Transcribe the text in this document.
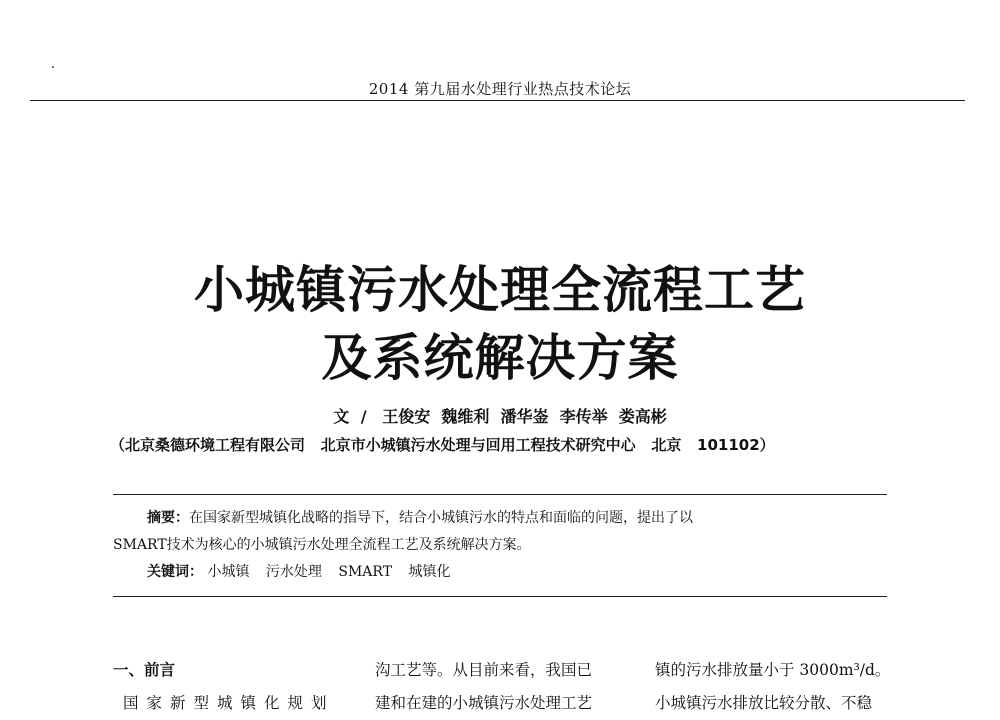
2014 第九届水处理行业热点技术论坛
小城镇污水处理全流程工艺
及系统解决方案
文 / 王俊安  魏维利  潘华崟  李传举  娄高彬
（北京桑德环境工程有限公司   北京市小城镇污水处理与回用工程技术研究中心   北京   101102）

摘要：在国家新型城镇化战略的指导下，结合小城镇污水的特点和面临的问题，提出了以

SMART技术为核心的小城镇污水处理全流程工艺及系统解决方案。

关键词： 小城镇 污水处理 SMART 城镇化

一、前言

国家新型城镇化规划

沟工艺等。从目前来看，我国已

建和在建的小城镇污水处理工艺

镇的污水排放量小于 3000m³/d。

小城镇污水排放比较分散、不稳
